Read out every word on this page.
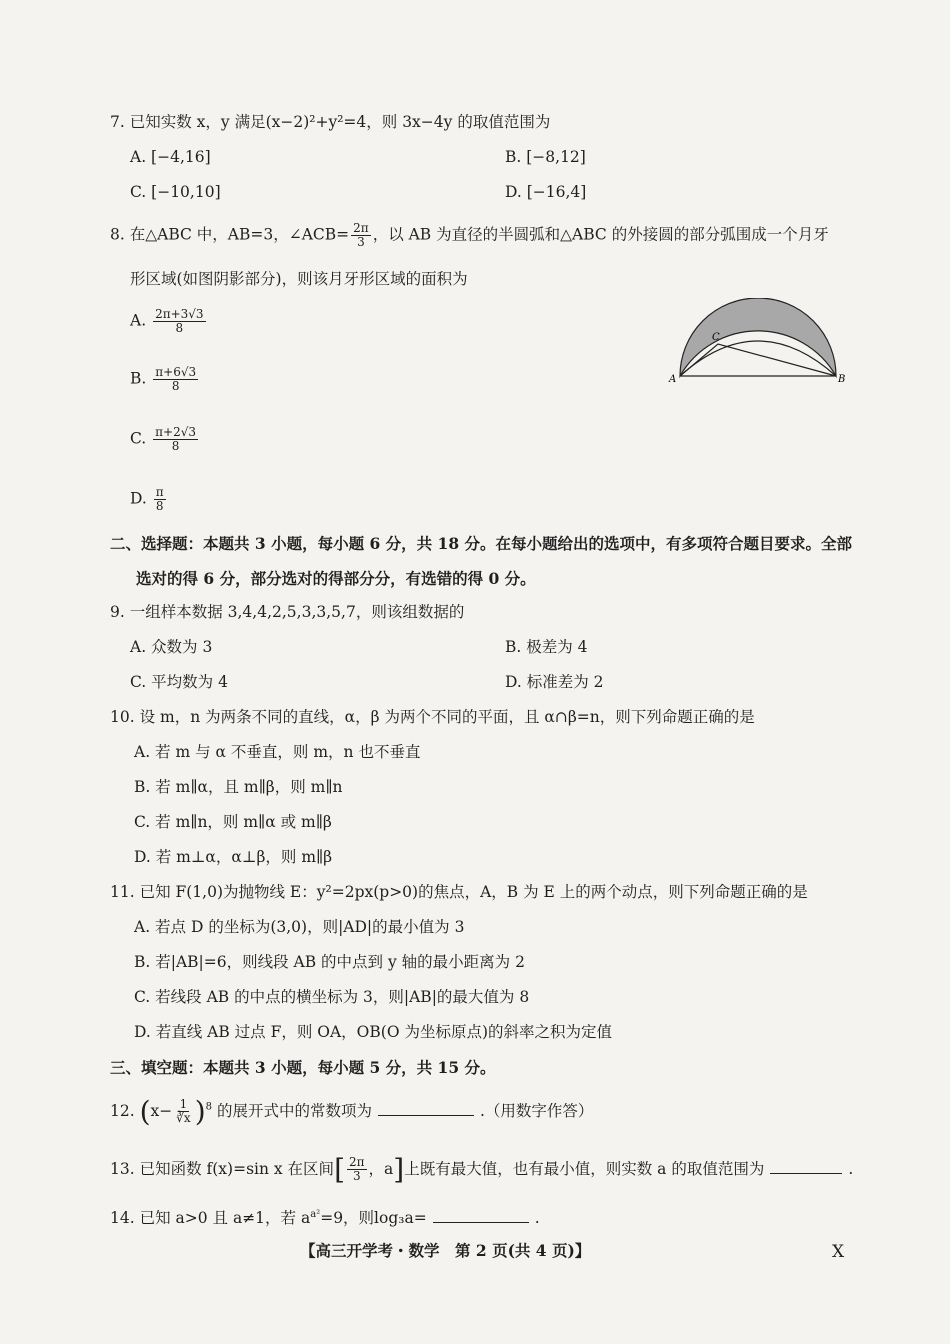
7. 已知实数 x，y 满足(x−2)²+y²=4，则 3x−4y 的取值范围为
A. [−4,16]	B. [−8,12]
C. [−10,10]	D. [−16,4]
8. 在△ABC 中，AB=3，∠ACB= $\frac{2\pi}{3}$ ，以 AB 为直径的半圆弧和△ABC 的外接圆的部分弧围成一个月牙
形区域(如图阴影部分)，则该月牙形区域的面积为
A. $\frac{2\pi+3√3}{8}$
B. $\frac{\pi+6√3}{8}$
C. $\frac{\pi+2√3}{8}$
D. $\frac{\pi}{8}$
A	B
C
二、选择题：本题共 3 小题，每小题 6 分，共 18 分。在每小题给出的选项中，有多项符合题目要求。全部
选对的得 6 分，部分选对的得部分分，有选错的得 0 分。
9. 一组样本数据 3,4,4,2,5,3,3,5,7，则该组数据的
A. 众数为 3	B. 极差为 4
C. 平均数为 4	D. 标准差为 2
10. 设 m，n 为两条不同的直线，α，β 为两个不同的平面，且 α∩β=n，则下列命题正确的是
A. 若 m 与 α 不垂直，则 m，n 也不垂直
B. 若 m∥α，且 m∥β，则 m∥n
C. 若 m∥n，则 m∥α 或 m∥β
D. 若 m⊥α，α⊥β，则 m∥β
11. 已知 F(1,0)为抛物线 E：y²=2px(p>0)的焦点，A，B 为 E 上的两个动点，则下列命题正确的是
A. 若点 D 的坐标为(3,0)，则|AD|的最小值为 3
B. 若|AB|=6，则线段 AB 的中点到 y 轴的最小距离为 2
C. 若线段 AB 的中点的横坐标为 3，则|AB|的最大值为 8
D. 若直线 AB 过点 F，则 OA，OB(O 为坐标原点)的斜率之积为定值
三、填空题：本题共 3 小题，每小题 5 分，共 15 分。
12. $(x- \frac{1}{∛x} )^8$ 的展开式中的常数项为	.（用数字作答）
13. 已知函数 f(x)=sin x 在区间[ $\frac{2\pi}{3}$ ，a]上既有最大值，也有最小值，则实数 a 的取值范围为	.
14. 已知 a>0 且 a≠1，若 $a^{a^2}=9$，则log₃a=	.
【高三开学考・数学　第 2 页(共 4 页)】	X
